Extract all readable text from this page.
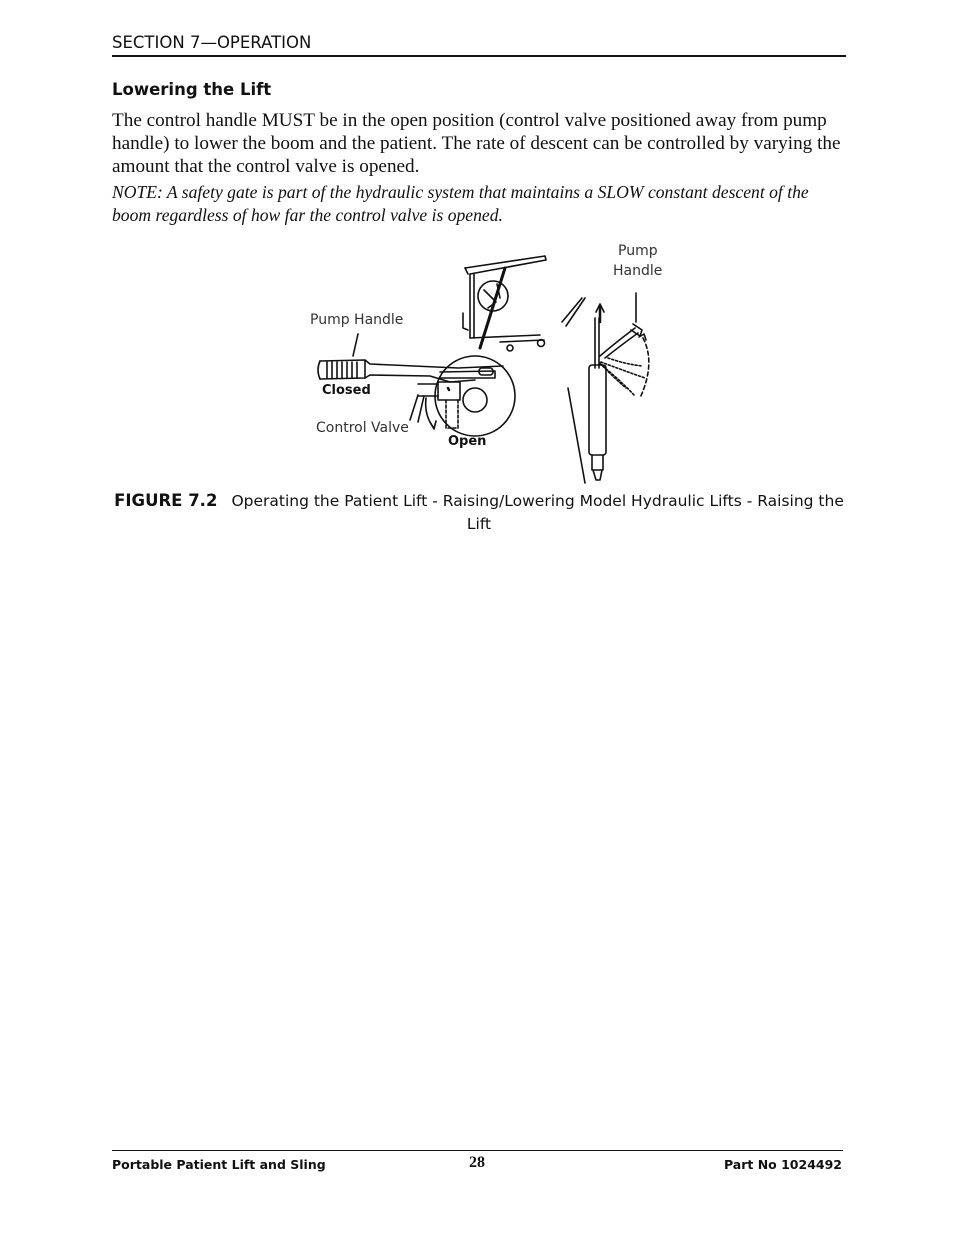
SECTION 7—OPERATION
Lowering the Lift
The control handle MUST be in the open position (control valve positioned away from pump handle) to lower the boom and the patient. The rate of descent can be controlled by varying the amount that the control valve is opened.
NOTE: A safety gate is part of the hydraulic system that maintains a SLOW constant descent of the boom regardless of how far the control valve is opened.
Pump Handle
Pump
Handle
Closed
Control Valve
Open
FIGURE 7.2 Operating the Patient Lift - Raising/Lowering Model Hydraulic Lifts - Raising the Lift
Portable Patient Lift and Sling	28	Part No 1024492
